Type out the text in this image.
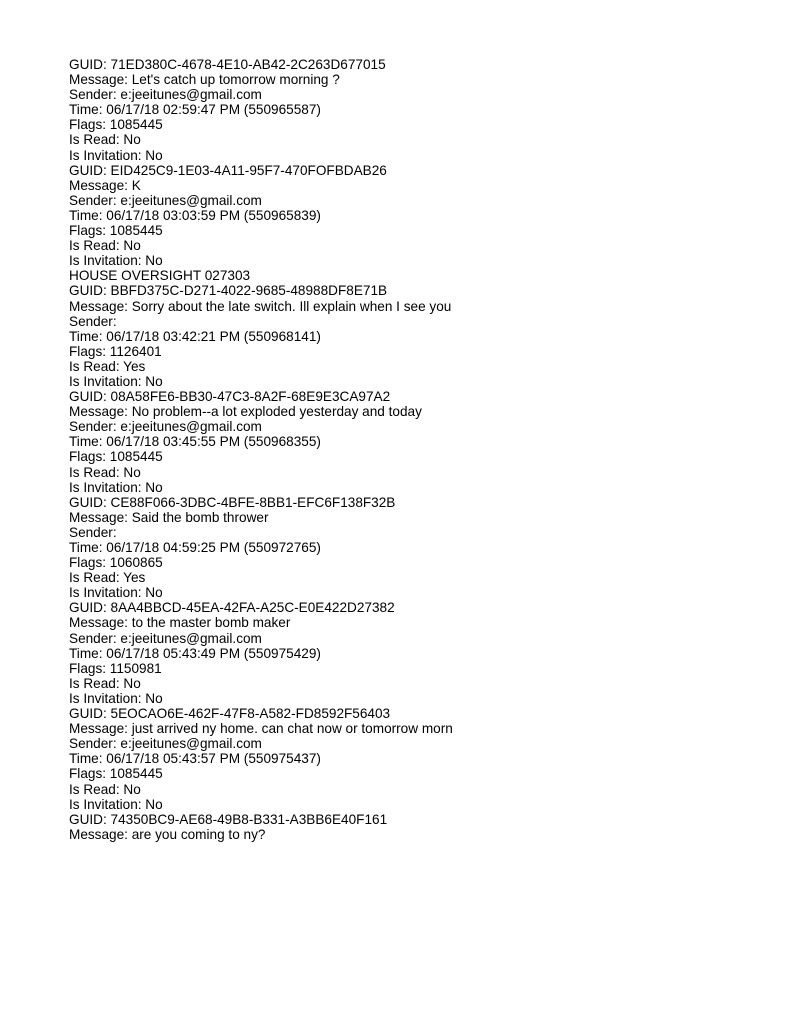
GUID: 71ED380C-4678-4E10-AB42-2C263D677015
Message: Let's catch up tomorrow morning ?
Sender: e:jeeitunes@gmail.com
Time: 06/17/18 02:59:47 PM (550965587)
Flags: 1085445
Is Read: No
Is Invitation: No
GUID: EID425C9-1E03-4A11-95F7-470FOFBDAB26
Message: K
Sender: e:jeeitunes@gmail.com
Time: 06/17/18 03:03:59 PM (550965839)
Flags: 1085445
Is Read: No
Is Invitation: No
HOUSE OVERSIGHT 027303
GUID: BBFD375C-D271-4022-9685-48988DF8E71B
Message: Sorry about the late switch. Ill explain when I see you
Sender:
Time: 06/17/18 03:42:21 PM (550968141)
Flags: 1126401
Is Read: Yes
Is Invitation: No
GUID: 08A58FE6-BB30-47C3-8A2F-68E9E3CA97A2
Message: No problem--a lot exploded yesterday and today
Sender: e:jeeitunes@gmail.com
Time: 06/17/18 03:45:55 PM (550968355)
Flags: 1085445
Is Read: No
Is Invitation: No
GUID: CE88F066-3DBC-4BFE-8BB1-EFC6F138F32B
Message: Said the bomb thrower
Sender:
Time: 06/17/18 04:59:25 PM (550972765)
Flags: 1060865
Is Read: Yes
Is Invitation: No
GUID: 8AA4BBCD-45EA-42FA-A25C-E0E422D27382
Message: to the master bomb maker
Sender: e:jeeitunes@gmail.com
Time: 06/17/18 05:43:49 PM (550975429)
Flags: 1150981
Is Read: No
Is Invitation: No
GUID: 5EOCAO6E-462F-47F8-A582-FD8592F56403
Message: just arrived ny home. can chat now or tomorrow morn
Sender: e:jeeitunes@gmail.com
Time: 06/17/18 05:43:57 PM (550975437)
Flags: 1085445
Is Read: No
Is Invitation: No
GUID: 74350BC9-AE68-49B8-B331-A3BB6E40F161
Message: are you coming to ny?
